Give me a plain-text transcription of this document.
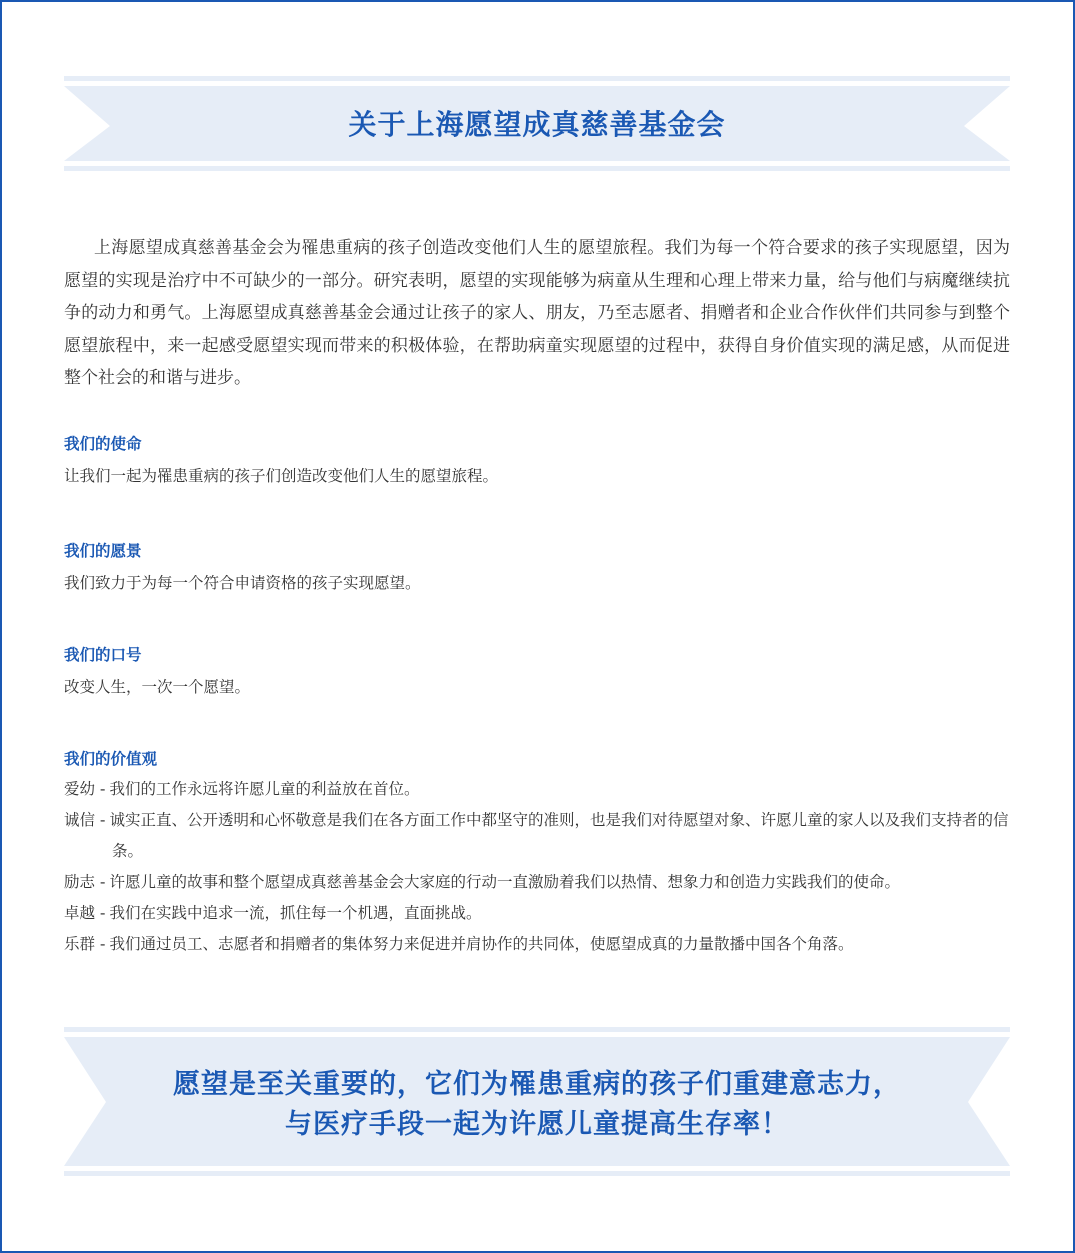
关于上海愿望成真慈善基金会

上海愿望成真慈善基金会为罹患重病的孩子创造改变他们人生的愿望旅程。我们为每一个符合要求的孩子实现愿望，因为愿望的实现是治疗中不可缺少的一部分。研究表明，愿望的实现能够为病童从生理和心理上带来力量，给与他们与病魔继续抗争的动力和勇气。上海愿望成真慈善基金会通过让孩子的家人、朋友，乃至志愿者、捐赠者和企业合作伙伴们共同参与到整个愿望旅程中，来一起感受愿望实现而带来的积极体验，在帮助病童实现愿望的过程中，获得自身价值实现的满足感，从而促进整个社会的和谐与进步。

我们的使命

让我们一起为罹患重病的孩子们创造改变他们人生的愿望旅程。

我们的愿景

我们致力于为每一个符合申请资格的孩子实现愿望。

我们的口号

改变人生，一次一个愿望。

我们的价值观
爱幼 - 我们的工作永远将许愿儿童的利益放在首位。
诚信 - 诚实正直、公开透明和心怀敬意是我们在各方面工作中都坚守的准则，也是我们对待愿望对象、许愿儿童的家人以及我们支持者的信条。
励志 - 许愿儿童的故事和整个愿望成真慈善基金会大家庭的行动一直激励着我们以热情、想象力和创造力实践我们的使命。
卓越 - 我们在实践中追求一流，抓住每一个机遇，直面挑战。
乐群 - 我们通过员工、志愿者和捐赠者的集体努力来促进并肩协作的共同体，使愿望成真的力量散播中国各个角落。
愿望是至关重要的，它们为罹患重病的孩子们重建意志力，
与医疗手段一起为许愿儿童提高生存率！
